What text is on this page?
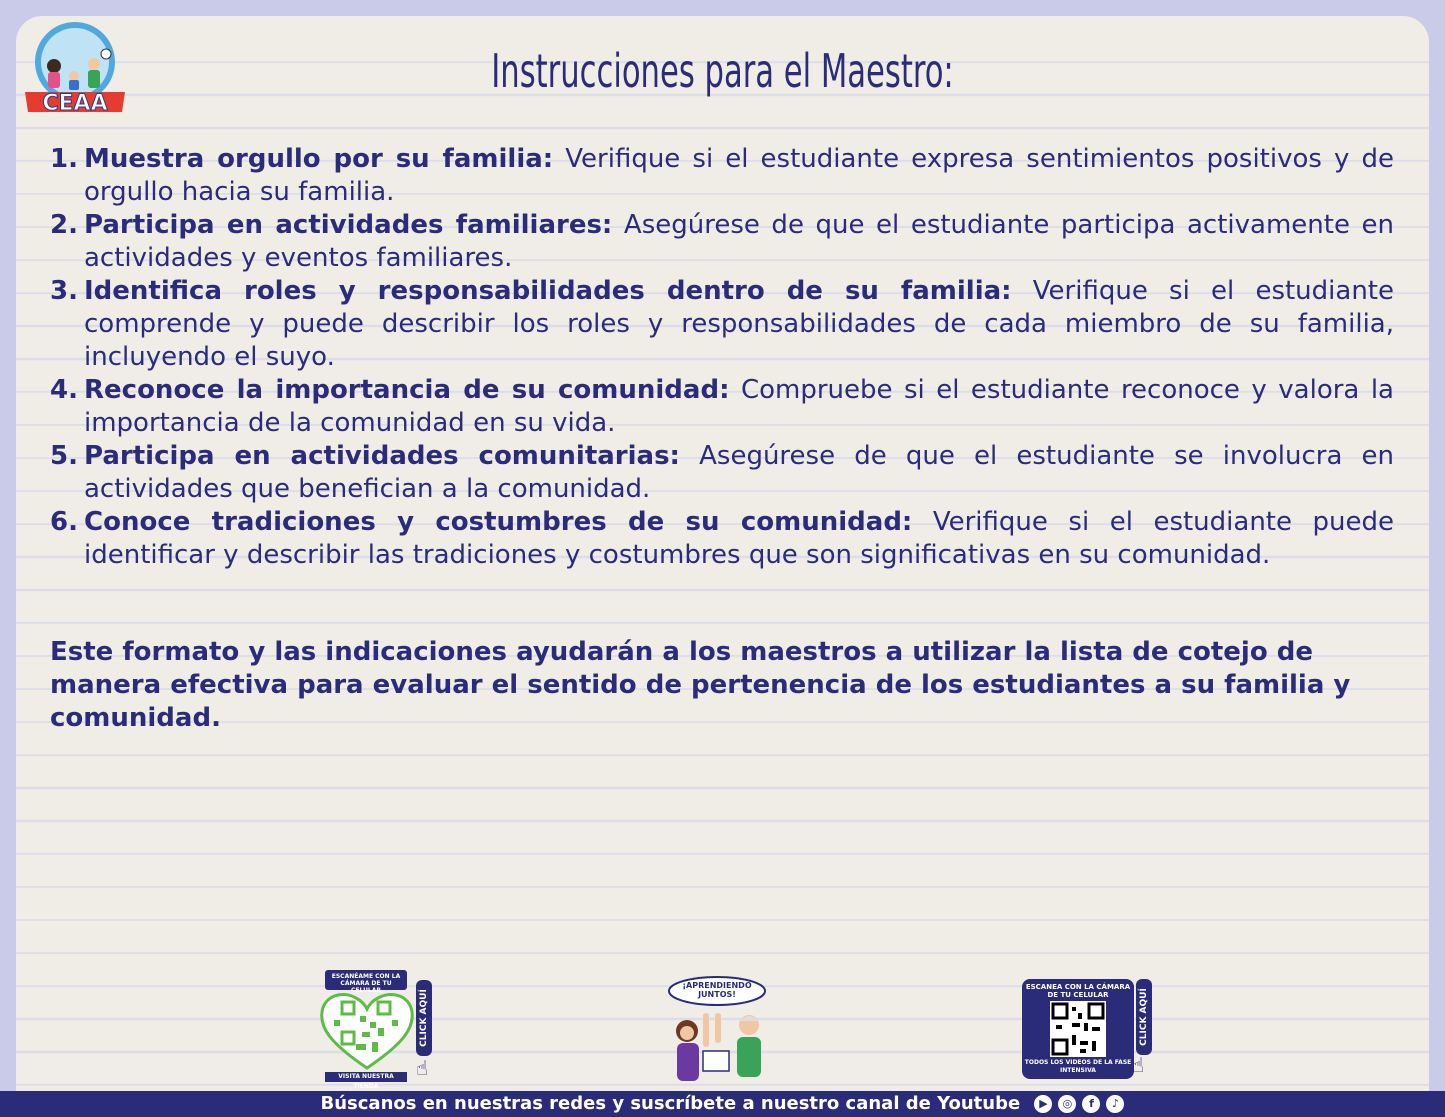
CEAA
Instrucciones para el Maestro:
1. Muestra orgullo por su familia: Verifique si el estudiante expresa sentimientos positivos y de orgullo hacia su familia.
2. Participa en actividades familiares: Asegúrese de que el estudiante participa activamente en actividades y eventos familiares.
3. Identifica roles y responsabilidades dentro de su familia: Verifique si el estudiante comprende y puede describir los roles y responsabilidades de cada miembro de su familia, incluyendo el suyo.
4. Reconoce la importancia de su comunidad: Compruebe si el estudiante reconoce y valora la importancia de la comunidad en su vida.
5. Participa en actividades comunitarias: Asegúrese de que el estudiante se involucra en actividades que benefician a la comunidad.
6. Conoce tradiciones y costumbres de su comunidad: Verifique si el estudiante puede identificar y describir las tradiciones y costumbres que son significativas en su comunidad.
Este formato y las indicaciones ayudarán a los maestros a utilizar la lista de cotejo de manera efectiva para evaluar el sentido de pertenencia de los estudiantes a su familia y comunidad.
ESCANÉAME CON LA CÁMARA DE TU CELULAR
VISITA NUESTRA TIENDA
CLICK AQUÍ
☝
¡APRENDIENDO JUNTOS!
ESCANEA CON LA CÁMARA DE TU CELULAR
TODOS LOS VIDEOS DE LA FASE INTENSIVA
CLICK AQUÍ
☝
Búscanos en nuestras redes y suscríbete a nuestro canal de Youtube	▶	◎	f	♪
